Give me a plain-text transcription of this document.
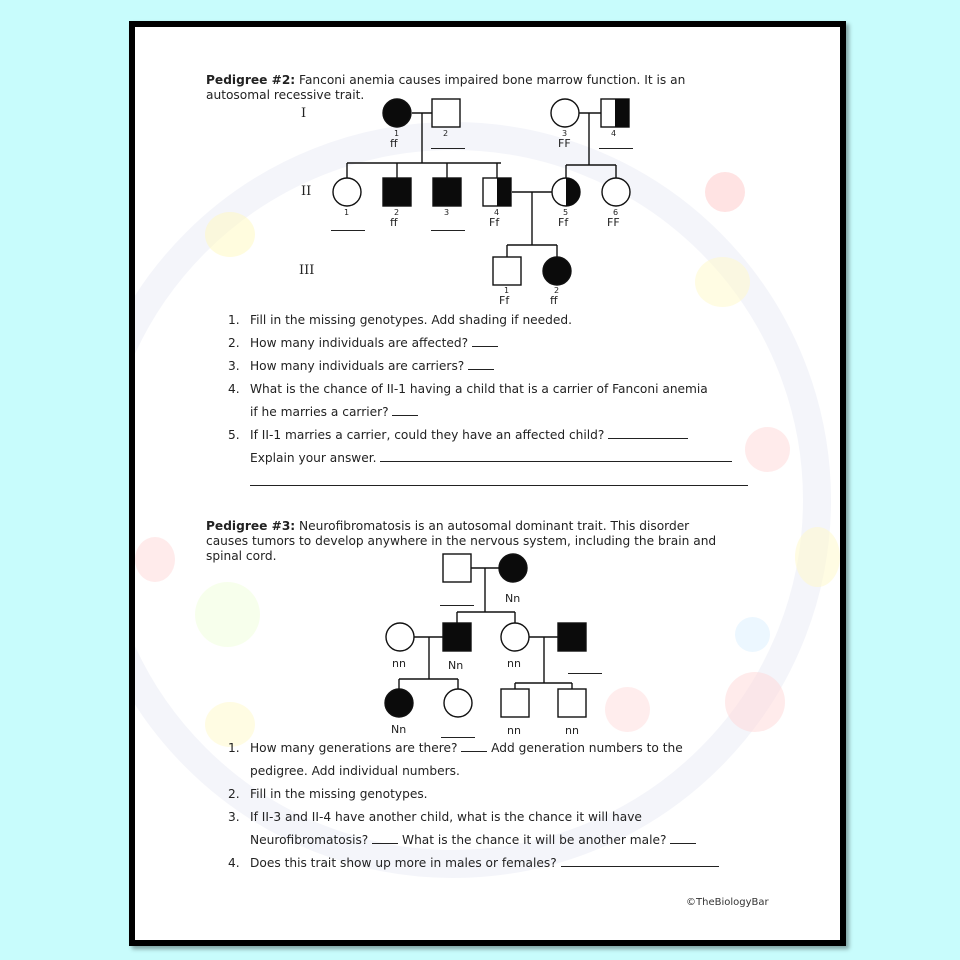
Pedigree #2: Fanconi anemia causes impaired bone marrow function. It is an
autosomal recessive trait.
I
II
III
1
ff
2	3
FF
4
1	2
ff
3	4
Ff
5
Ff
6
FF
1
Ff
2
ff
1. Fill in the missing genotypes. Add shading if needed.
2. How many individuals are affected?
3. How many individuals are carriers?
4. What is the chance of II-1 having a child that is a carrier of Fanconi anemia
if he marries a carrier?
5. If II-1 marries a carrier, could they have an affected child?
Explain your answer.
Pedigree #3: Neurofibromatosis is an autosomal dominant trait. This disorder
causes tumors to develop anywhere in the nervous system, including the brain and
spinal cord.
Nn
nn	Nn	nn
Nn	nn	nn
1. How many generations are there?  Add generation numbers to the
pedigree. Add individual numbers.
2. Fill in the missing genotypes.
3. If II-3 and II-4 have another child, what is the chance it will have
Neurofibromatosis?  What is the chance it will be another male?
4. Does this trait show up more in males or females?
©TheBiologyBar
